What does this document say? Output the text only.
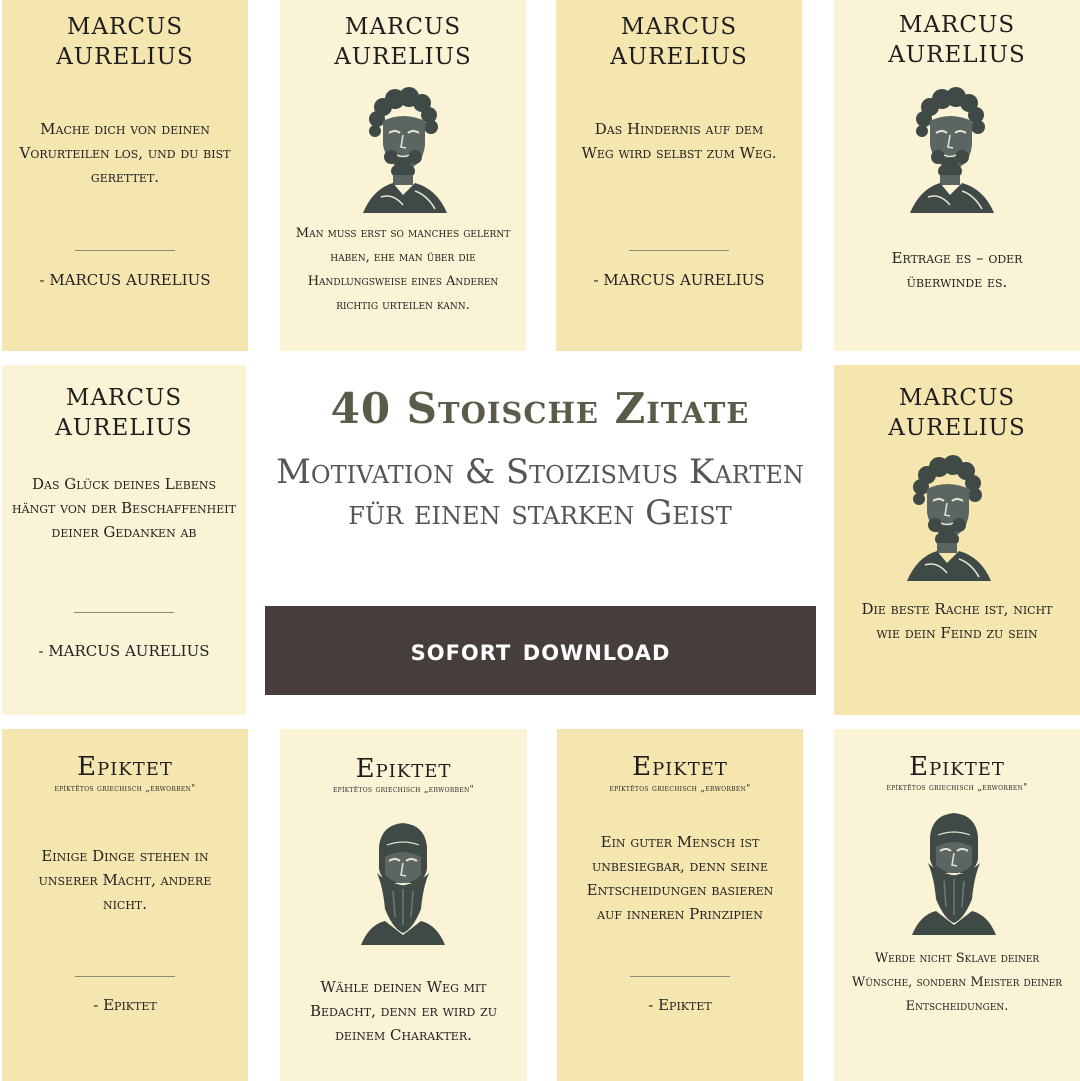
MARCUS
AURELIUS
Mache dich von deinen Vorurteilen los, und du bist gerettet.
- MARCUS AURELIUS
MARCUS
AURELIUS
Man muss erst so manches gelernt haben, ehe man über die Handlungsweise eines Anderen richtig urteilen kann.
MARCUS
AURELIUS
Das Hindernis auf dem Weg wird selbst zum Weg.
- MARCUS AURELIUS
MARCUS
AURELIUS
Ertrage es – oder überwinde es.
MARCUS
AURELIUS
Das Glück deines Lebens hängt von der Beschaffenheit deiner Gedanken ab
- MARCUS AURELIUS
MARCUS
AURELIUS
Die beste Rache ist, nicht wie dein Feind zu sein
40 Stoische Zitate
Motivation & Stoizismus Karten für einen starken Geist
sofort download
Epiktet
epíktētos griechisch „erworben"
Einige Dinge stehen in unserer Macht, andere nicht.
- Epiktet
Epiktet
epíktētos griechisch „erworben"
Wähle deinen Weg mit Bedacht, denn er wird zu deinem Charakter.
Epiktet
epíktētos griechisch „erworben"
Ein guter Mensch ist unbesiegbar, denn seine Entscheidungen basieren auf inneren Prinzipien
- Epiktet
Epiktet
epíktētos griechisch „erworben"
Werde nicht Sklave deiner Wünsche, sondern Meister deiner Entscheidungen.
